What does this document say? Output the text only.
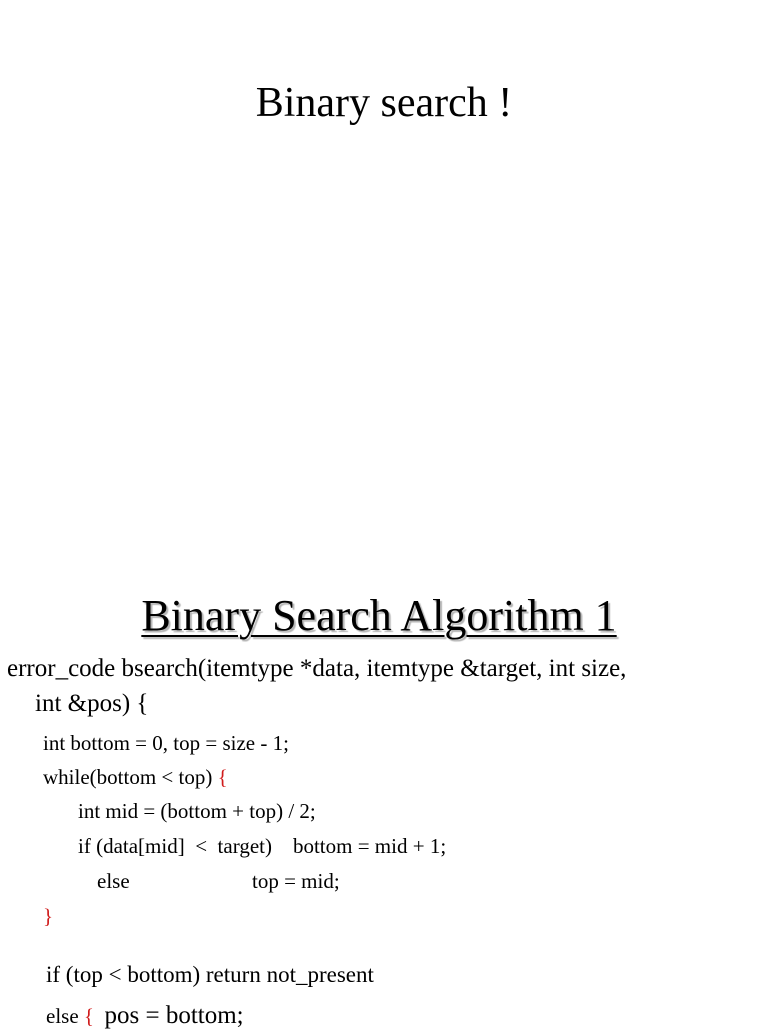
Binary search !
Binary Search Algorithm 1
error_code bsearch(itemtype *data, itemtype &target, int size,
int &pos) {
int bottom = 0, top = size - 1;
while(bottom < top) {
int mid = (bottom + top) / 2;
if (data[mid]  <  target)    bottom = mid + 1;
else	top = mid;
}
if (top < bottom) return not_present
else { pos = bottom;
